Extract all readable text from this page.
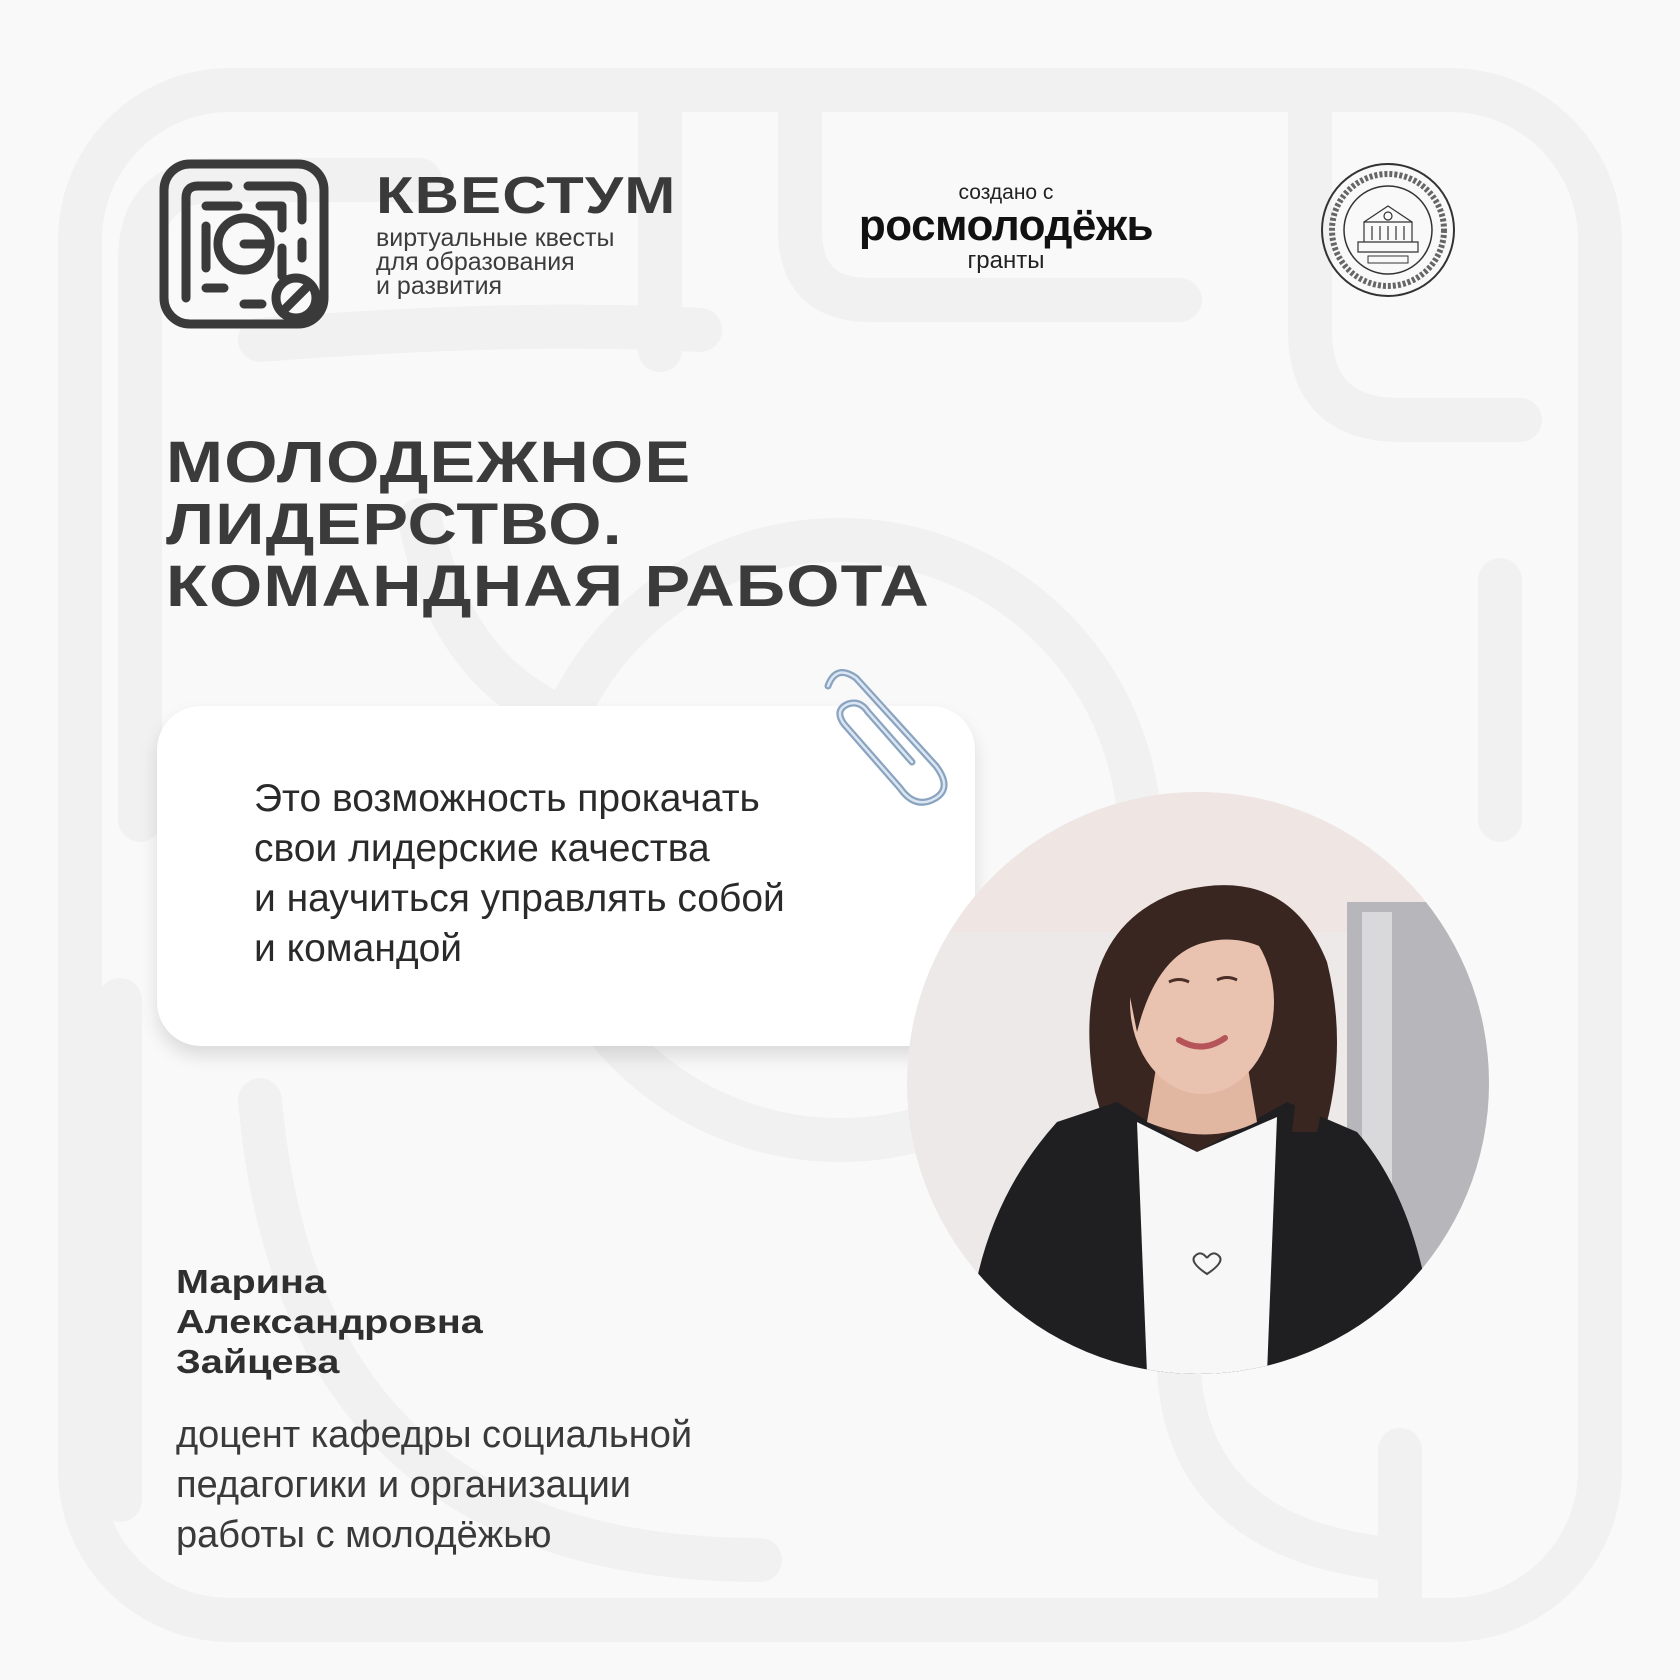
КВЕСТУМ
виртуальные квесты
для образования
и развития
создано с
росмолодёжь
гранты
МОЛОДЕЖНОЕ
ЛИДЕРСТВО.
КОМАНДНАЯ РАБОТА
Это возможность прокачать
свои лидерские качества
и научиться управлять собой
и командой
Марина
Александровна
Зайцева
доцент кафедры социальной
педагогики и организации
работы с молодёжью
